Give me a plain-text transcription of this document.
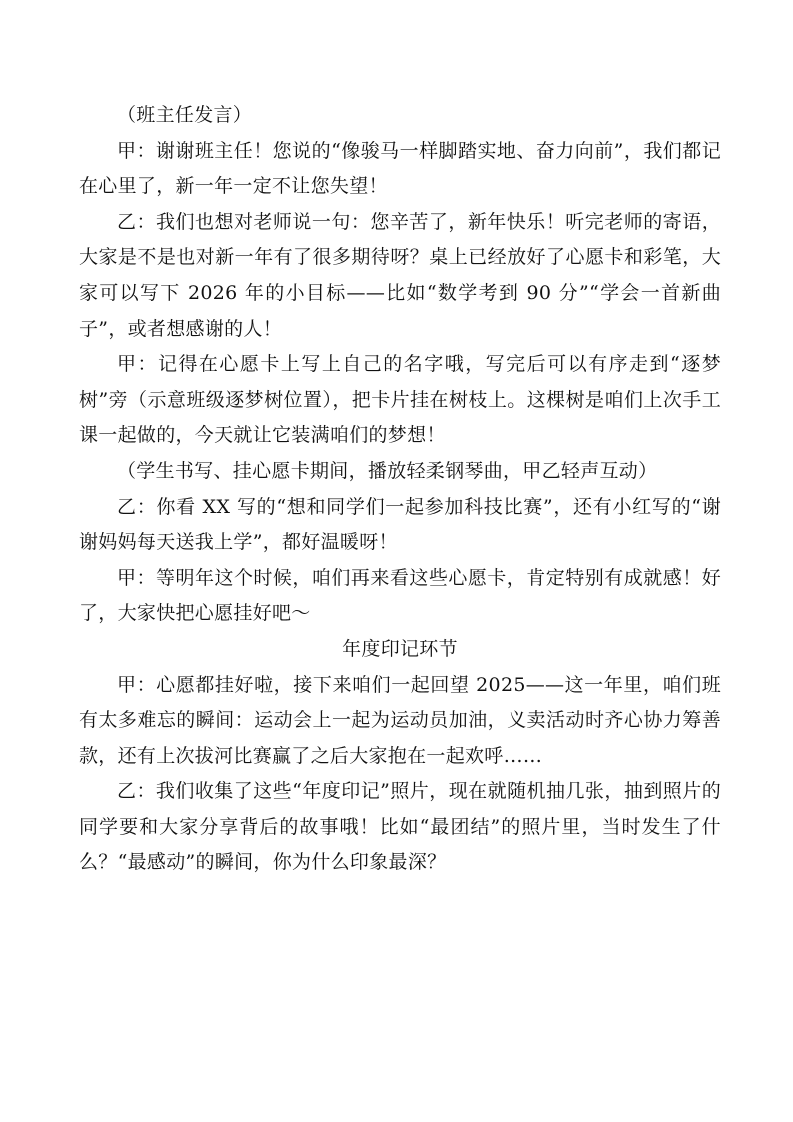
（班主任发言）

甲：谢谢班主任！您说的“像骏马一样脚踏实地、奋力向前”，我们都记在心里了，新一年一定不让您失望！

乙：我们也想对老师说一句：您辛苦了，新年快乐！听完老师的寄语，大家是不是也对新一年有了很多期待呀？桌上已经放好了心愿卡和彩笔，大家可以写下 2026 年的小目标——比如“数学考到 90 分”“学会一首新曲子”，或者想感谢的人！

甲：记得在心愿卡上写上自己的名字哦，写完后可以有序走到“逐梦树”旁（示意班级逐梦树位置），把卡片挂在树枝上。这棵树是咱们上次手工课一起做的，今天就让它装满咱们的梦想！

（学生书写、挂心愿卡期间，播放轻柔钢琴曲，甲乙轻声互动）

乙：你看 XX 写的“想和同学们一起参加科技比赛”，还有小红写的“谢谢妈妈每天送我上学”，都好温暖呀！

甲：等明年这个时候，咱们再来看这些心愿卡，肯定特别有成就感！好了，大家快把心愿挂好吧～

年度印记环节

甲：心愿都挂好啦，接下来咱们一起回望 2025——这一年里，咱们班有太多难忘的瞬间：运动会上一起为运动员加油，义卖活动时齐心协力筹善款，还有上次拔河比赛赢了之后大家抱在一起欢呼……

乙：我们收集了这些“年度印记”照片，现在就随机抽几张，抽到照片的同学要和大家分享背后的故事哦！比如“最团结”的照片里，当时发生了什么？“最感动”的瞬间，你为什么印象最深？
